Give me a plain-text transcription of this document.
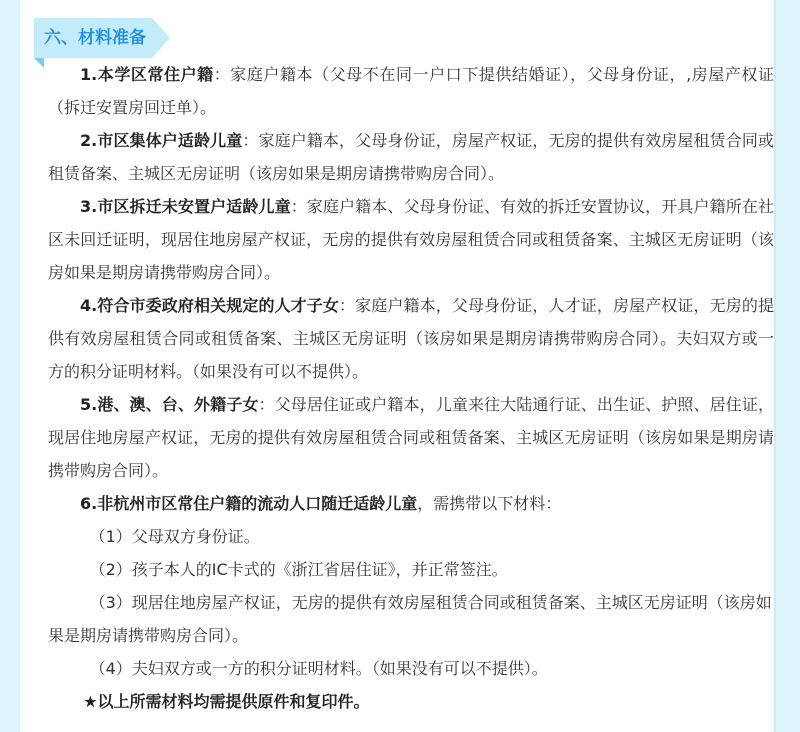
六、材料准备

1.本学区常住户籍：家庭户籍本（父母不在同一户口下提供结婚证），父母身份证，,房屋产权证（拆迁安置房回迁单）。

2.市区集体户适龄儿童：家庭户籍本，父母身份证，房屋产权证，无房的提供有效房屋租赁合同或租赁备案、主城区无房证明（该房如果是期房请携带购房合同）。

3.市区拆迁未安置户适龄儿童：家庭户籍本、父母身份证、有效的拆迁安置协议，开具户籍所在社区未回迁证明，现居住地房屋产权证，无房的提供有效房屋租赁合同或租赁备案、主城区无房证明（该房如果是期房请携带购房合同）。

4.符合市委政府相关规定的人才子女：家庭户籍本，父母身份证，人才证，房屋产权证，无房的提供有效房屋租赁合同或租赁备案、主城区无房证明（该房如果是期房请携带购房合同）。夫妇双方或一方的积分证明材料。（如果没有可以不提供）。

5.港、澳、台、外籍子女：父母居住证或户籍本，儿童来往大陆通行证、出生证、护照、居住证，现居住地房屋产权证，无房的提供有效房屋租赁合同或租赁备案、主城区无房证明（该房如果是期房请携带购房合同）。

6.非杭州市区常住户籍的流动人口随迁适龄儿童，需携带以下材料：

（1）父母双方身份证。

（2）孩子本人的IC卡式的《浙江省居住证》，并正常签注。

（3）现居住地房屋产权证，无房的提供有效房屋租赁合同或租赁备案、主城区无房证明（该房如果是期房请携带购房合同）。

（4）夫妇双方或一方的积分证明材料。（如果没有可以不提供）。

★以上所需材料均需提供原件和复印件。
